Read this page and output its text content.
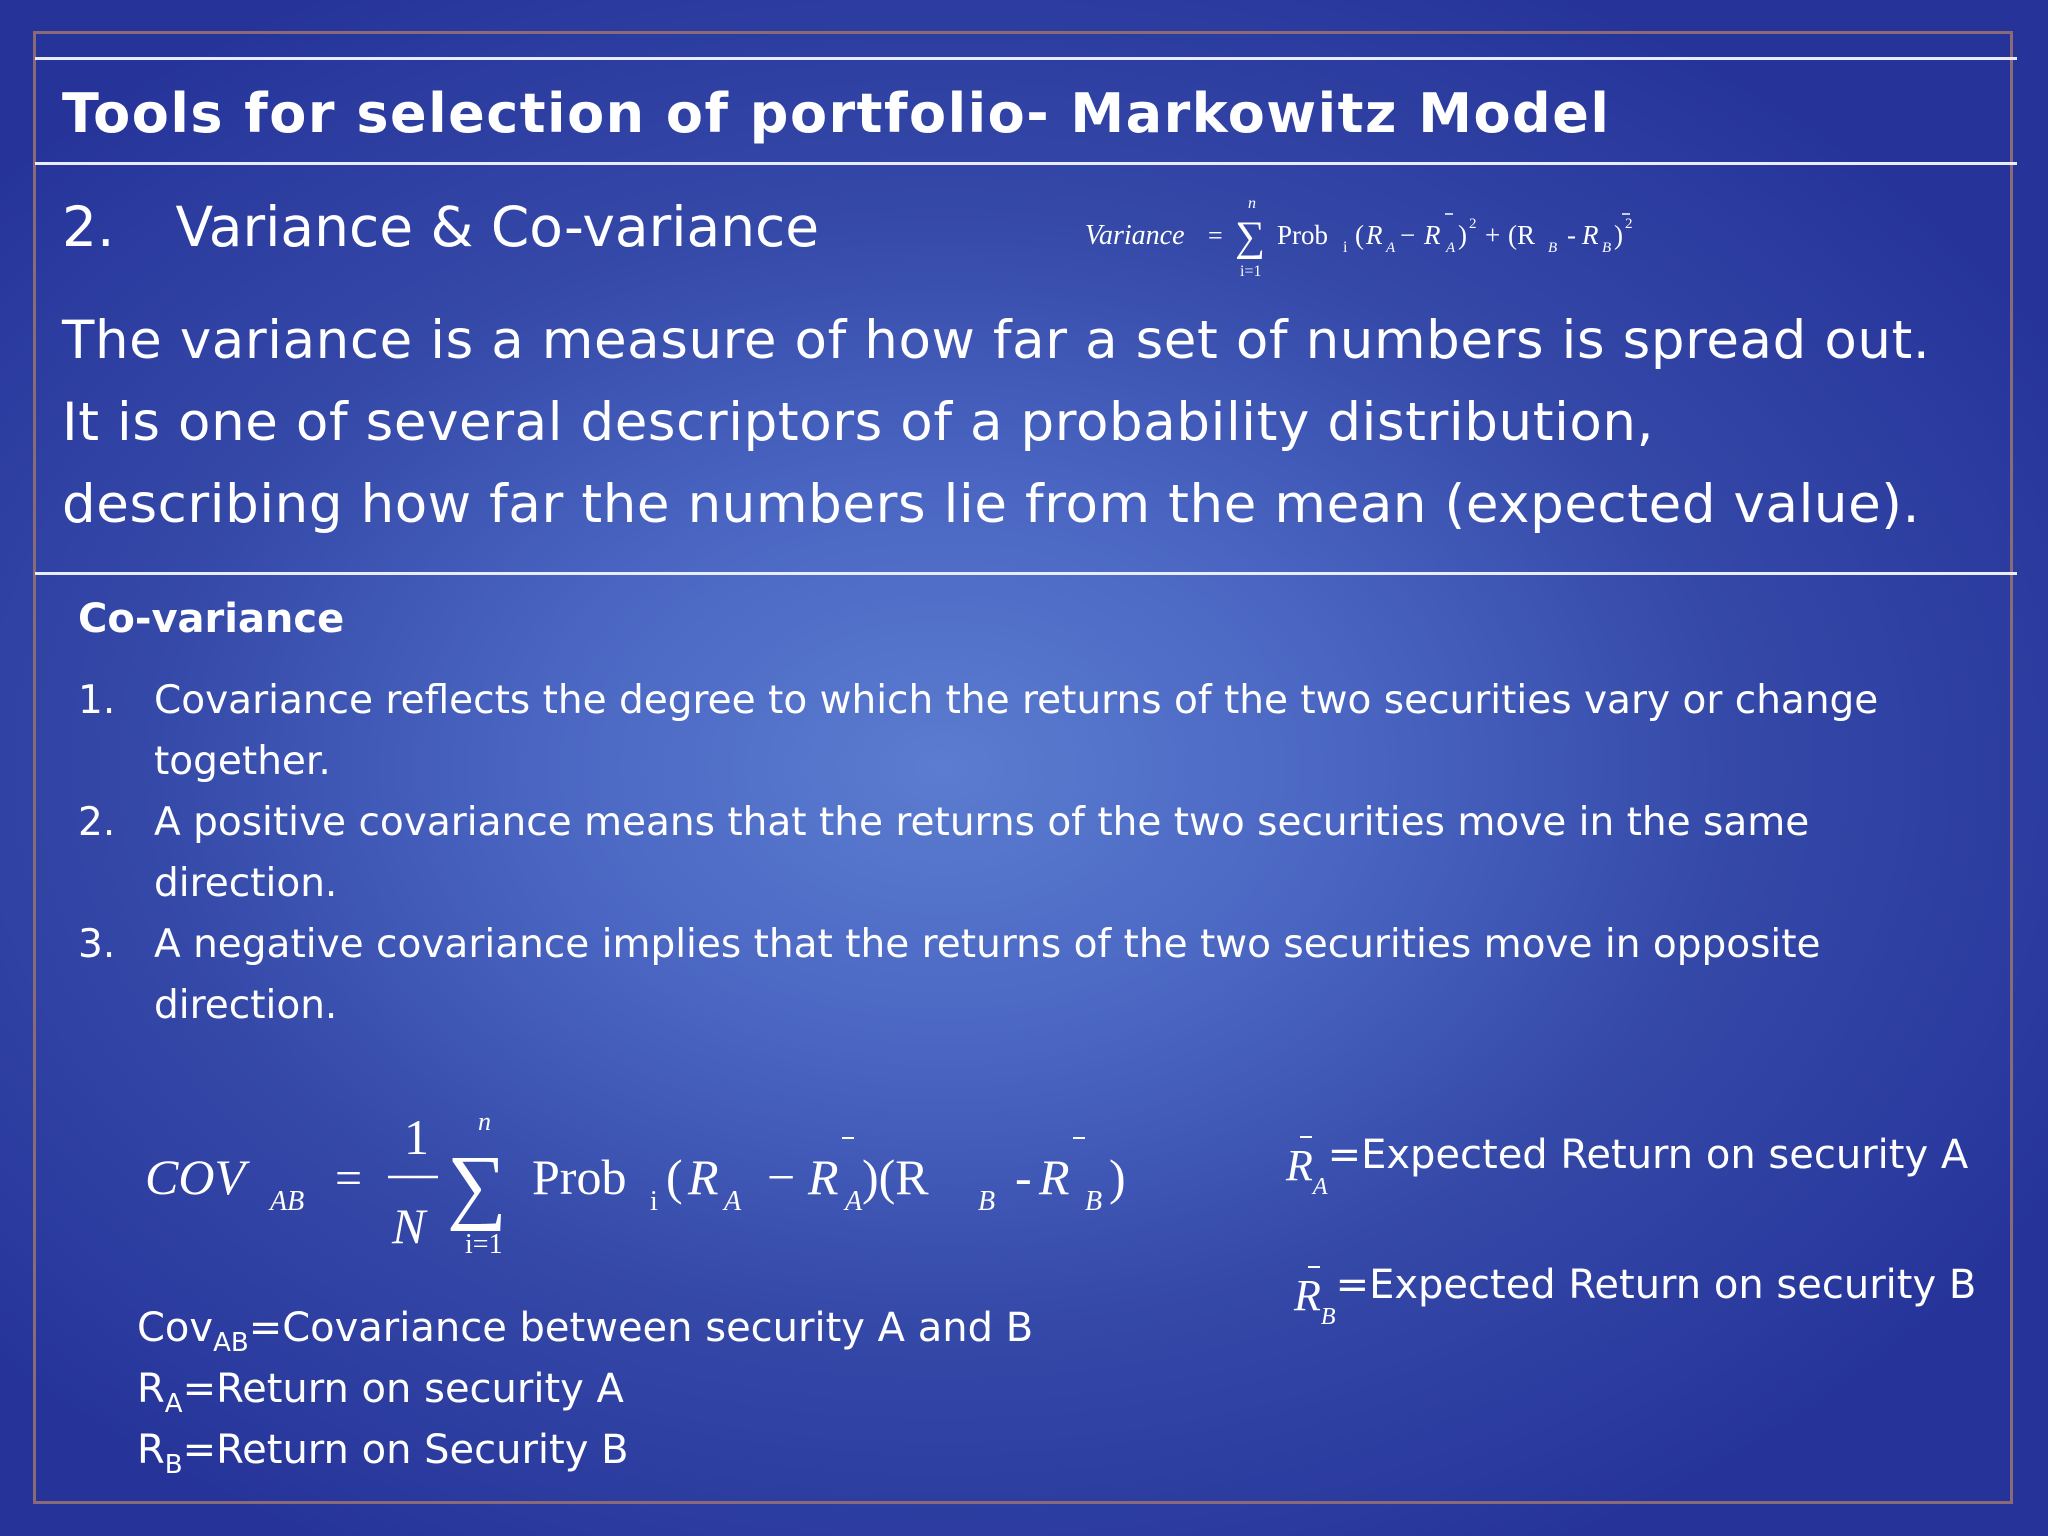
Tools for selection of portfolio- Markowitz Model
2. Variance & Co-variance	Variance =
n
∑
i=1
Prob i ( R A − R A ) 2 + (R B - R B ) 2
The variance is a measure of how far a set of numbers is spread out.
It is one of several descriptors of a probability distribution,
describing how far the numbers lie from the mean (expected value).
Co-variance
1. Covariance reflects the degree to which the returns of the two securities vary or change
together.
2. A positive covariance means that the returns of the two securities move in the same
direction.
3. A negative covariance implies that the returns of the two securities move in opposite
direction.
COV AB =
1
N
n
∑
i=1
Prob i ( R A − R A )(R B - R B )
Cov$_{AB}$=Covariance between security A and B
$R_A=Return$ on security A
$R_B=Return$ on Security B
$R_A=Expected$ Return on security A
$R_B=Expected$ Return on security B
